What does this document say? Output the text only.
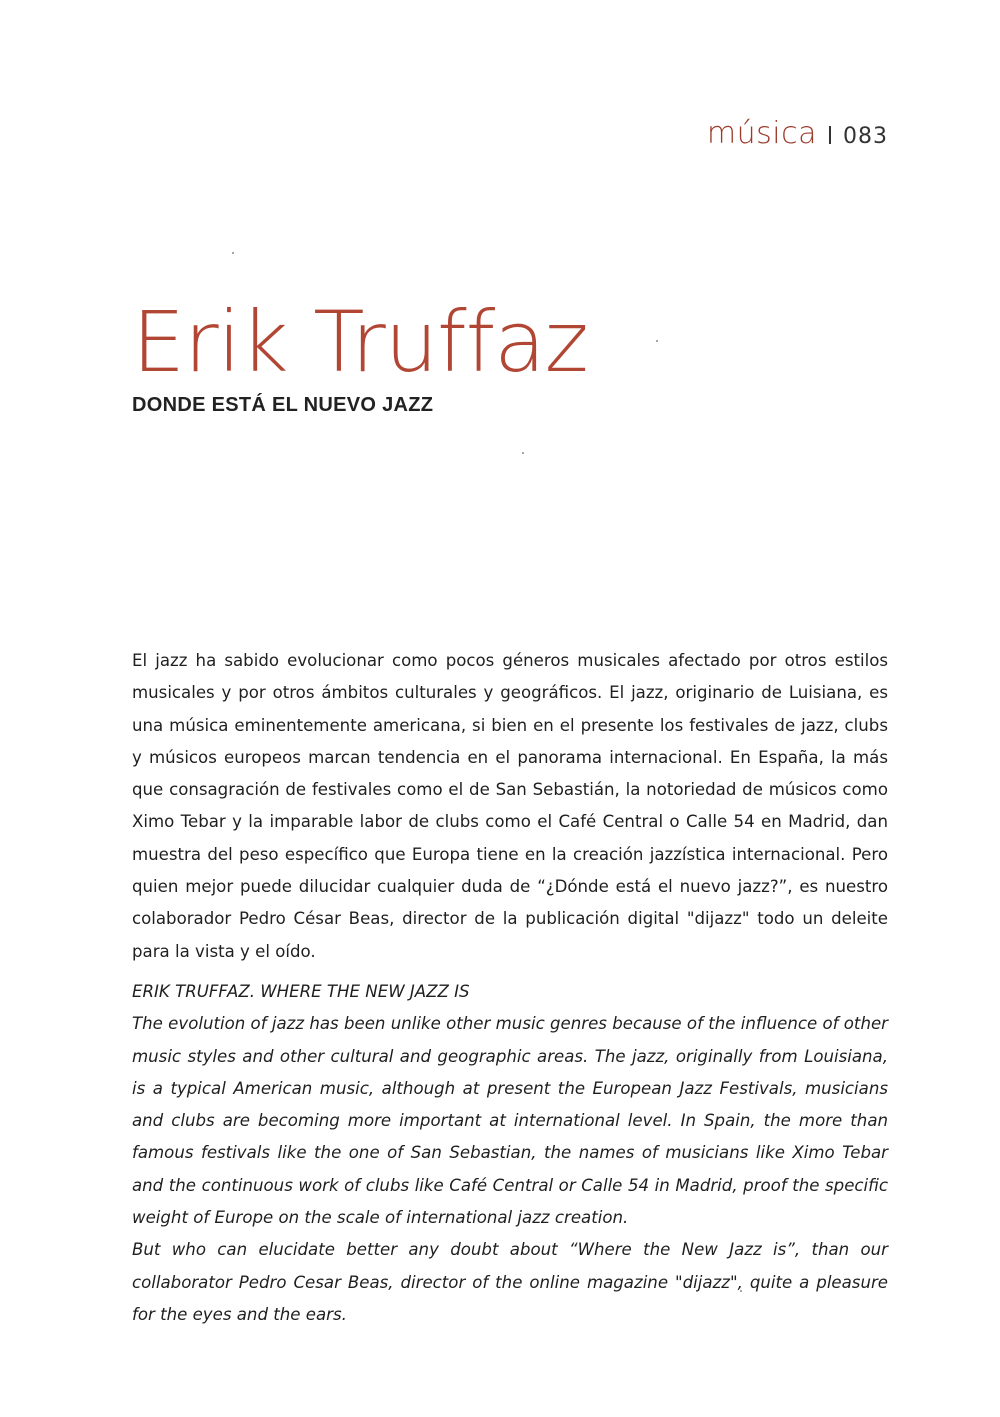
música 083
Erik Truffaz
DONDE ESTÁ EL NUEVO JAZZ

El jazz ha sabido evolucionar como pocos géneros musicales afectado por otros estilos musicales y por otros ámbitos culturales y geográficos. El jazz, originario de Luisiana, es una música eminentemente americana, si bien en el presente los festivales de jazz, clubs y músicos europeos marcan tendencia en el panorama internacional. En España, la más que consagración de festivales como el de San Sebastián, la notoriedad de músicos como Ximo Tebar y la imparable labor de clubs como el Café Central o Calle 54 en Madrid, dan muestra del peso específico que Europa tiene en la creación jazzística internacional. Pero quien mejor puede dilucidar cualquier duda de “¿Dónde está el nuevo jazz?”, es nuestro colaborador Pedro César Beas, director de la publicación digital "dijazz" todo un deleite para la vista y el oído.

ERIK TRUFFAZ. WHERE THE NEW JAZZ IS

The evolution of jazz has been unlike other music genres because of the influence of other music styles and other cultural and geographic areas. The jazz, originally from Louisiana, is a typical American music, although at present the European Jazz Festivals, musicians and clubs are becoming more important at international level. In Spain, the more than famous festivals like the one of San Sebastian, the names of musicians like Ximo Tebar and the continuous work of clubs like Café Central or Calle 54 in Madrid, proof the specific weight of Europe on the scale of international jazz creation.

But who can elucidate better any doubt about “Where the New Jazz is”, than our collaborator Pedro Cesar Beas, director of the online magazine "dijazz", quite a pleasure for the eyes and the ears.
